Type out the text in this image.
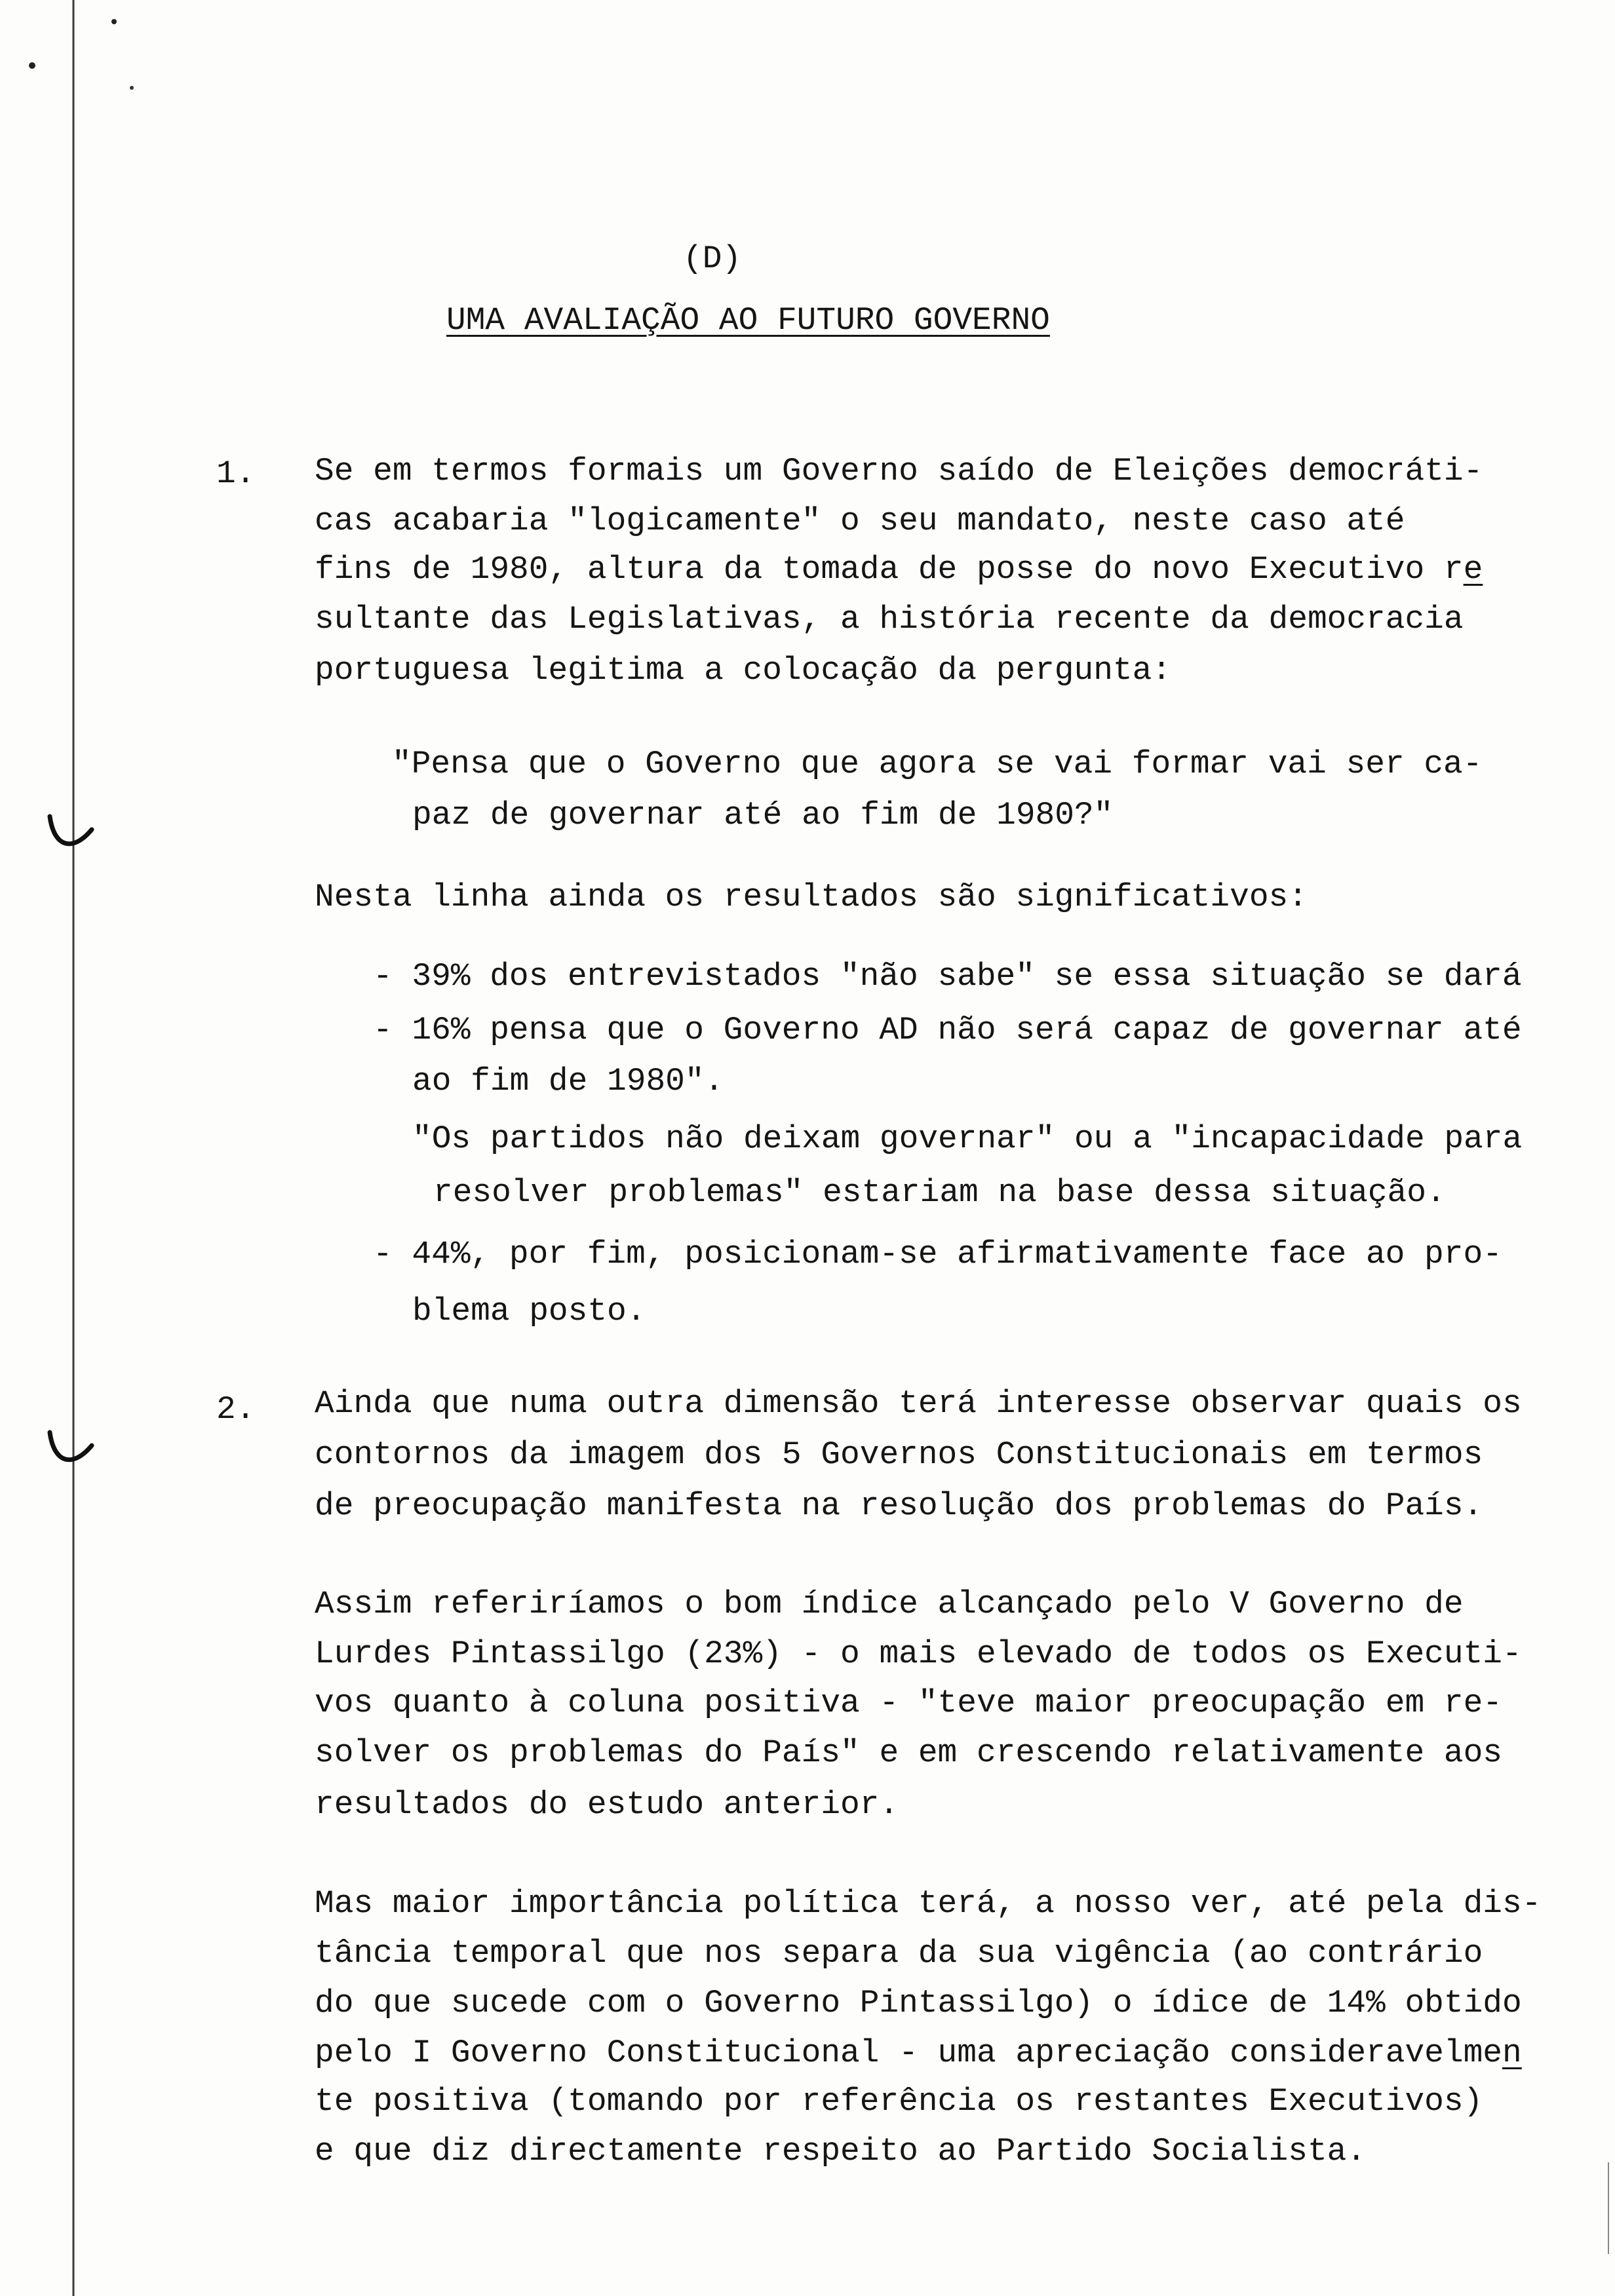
(D)
UMA AVALIAÇÃO AO FUTURO GOVERNO
1. Se em termos formais um Governo saído de Eleições democráti-
cas acabaria "logicamente" o seu mandato, neste caso até
fins de 1980, altura da tomada de posse do novo Executivo re
sultante das Legislativas, a história recente da democracia
portuguesa legitima a colocação da pergunta:
"Pensa que o Governo que agora se vai formar vai ser ca-
paz de governar até ao fim de 1980?"
Nesta linha ainda os resultados são significativos:
- 39% dos entrevistados "não sabe" se essa situação se dará
- 16% pensa que o Governo AD não será capaz de governar até
ao fim de 1980".
"Os partidos não deixam governar" ou a "incapacidade para
resolver problemas" estariam na base dessa situação.
- 44%, por fim, posicionam-se afirmativamente face ao pro-
blema posto.
2. Ainda que numa outra dimensão terá interesse observar quais os
contornos da imagem dos 5 Governos Constitucionais em termos
de preocupação manifesta na resolução dos problemas do País.
Assim referiríamos o bom índice alcançado pelo V Governo de
Lurdes Pintassilgo (23%) - o mais elevado de todos os Executi-
vos quanto à coluna positiva - "teve maior preocupação em re-
solver os problemas do País" e em crescendo relativamente aos
resultados do estudo anterior.
Mas maior importância política terá, a nosso ver, até pela dis-
tância temporal que nos separa da sua vigência (ao contrário
do que sucede com o Governo Pintassilgo) o ídice de 14% obtido
pelo I Governo Constitucional - uma apreciação consideravelmen
te positiva (tomando por referência os restantes Executivos)
e que diz directamente respeito ao Partido Socialista.
